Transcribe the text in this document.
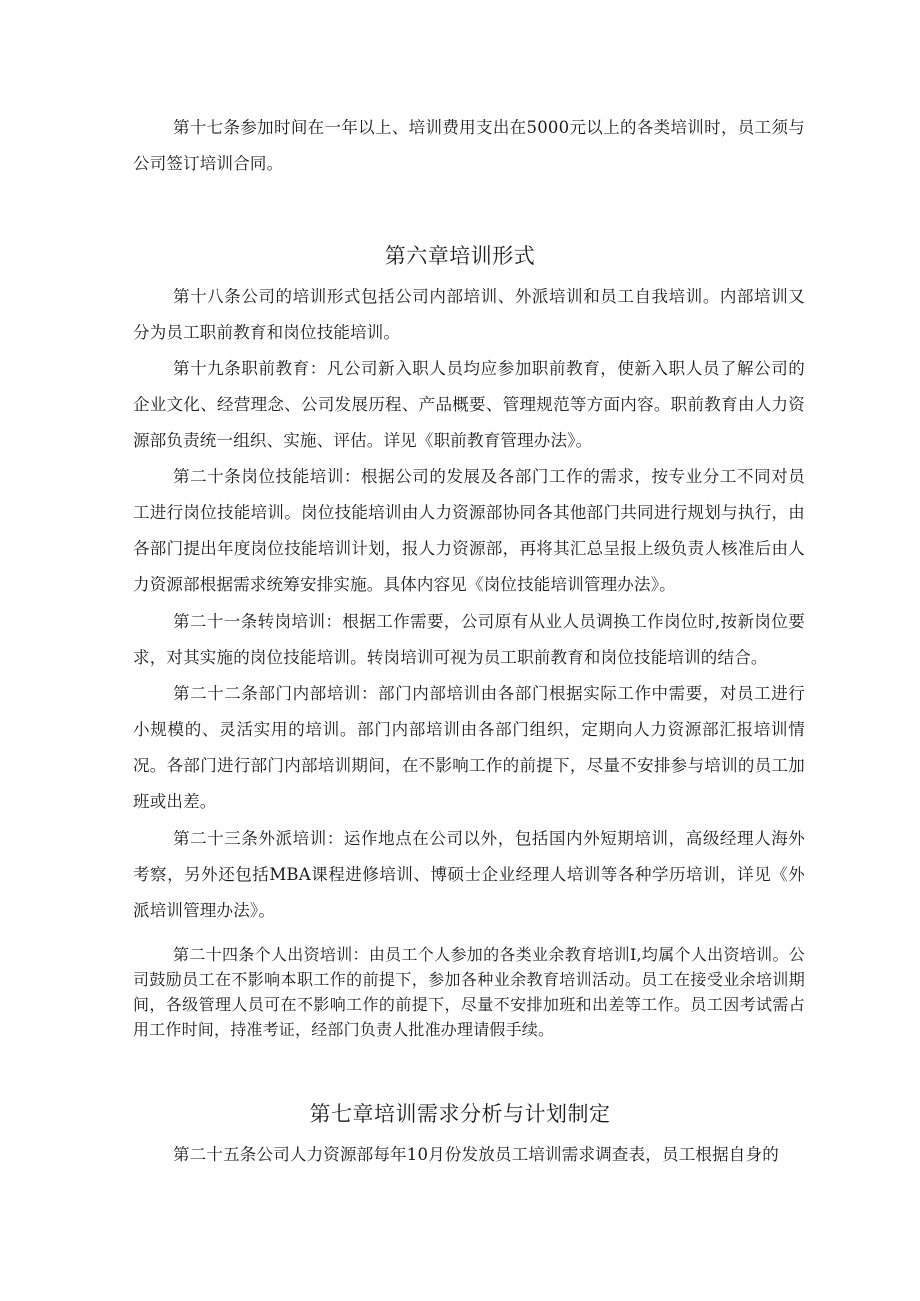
第十七条参加时间在一年以上、培训费用支出在5000元以上的各类培训时，员工须与公司签订培训合同。

第六章培训形式

第十八条公司的培训形式包括公司内部培训、外派培训和员工自我培训。内部培训又分为员工职前教育和岗位技能培训。

第十九条职前教育：凡公司新入职人员均应参加职前教育，使新入职人员了解公司的企业文化、经营理念、公司发展历程、产品概要、管理规范等方面内容。职前教育由人力资源部负责统一组织、实施、评估。详见《职前教育管理办法》。

第二十条岗位技能培训：根据公司的发展及各部门工作的需求，按专业分工不同对员工进行岗位技能培训。岗位技能培训由人力资源部协同各其他部门共同进行规划与执行，由各部门提出年度岗位技能培训计划，报人力资源部，再将其汇总呈报上级负责人核准后由人力资源部根据需求统筹安排实施。具体内容见《岗位技能培训管理办法》。

第二十一条转岗培训：根据工作需要，公司原有从业人员调换工作岗位时,按新岗位要求，对其实施的岗位技能培训。转岗培训可视为员工职前教育和岗位技能培训的结合。

第二十二条部门内部培训：部门内部培训由各部门根据实际工作中需要，对员工进行小规模的、灵活实用的培训。部门内部培训由各部门组织，定期向人力资源部汇报培训情况。各部门进行部门内部培训期间，在不影响工作的前提下，尽量不安排参与培训的员工加班或出差。

第二十三条外派培训：运作地点在公司以外，包括国内外短期培训，高级经理人海外考察，另外还包括MBA课程进修培训、博硕士企业经理人培训等各种学历培训，详见《外派培训管理办法》。

第二十四条个人出资培训：由员工个人参加的各类业余教育培训I,均属个人出资培训。公司鼓励员工在不影响本职工作的前提下，参加各种业余教育培训活动。员工在接受业余培训期间，各级管理人员可在不影响工作的前提下，尽量不安排加班和出差等工作。员工因考试需占用工作时间，持准考证，经部门负责人批准办理请假手续。

第七章培训需求分析与计划制定

第二十五条公司人力资源部每年10月份发放员工培训需求调查表，员工根据自身的
